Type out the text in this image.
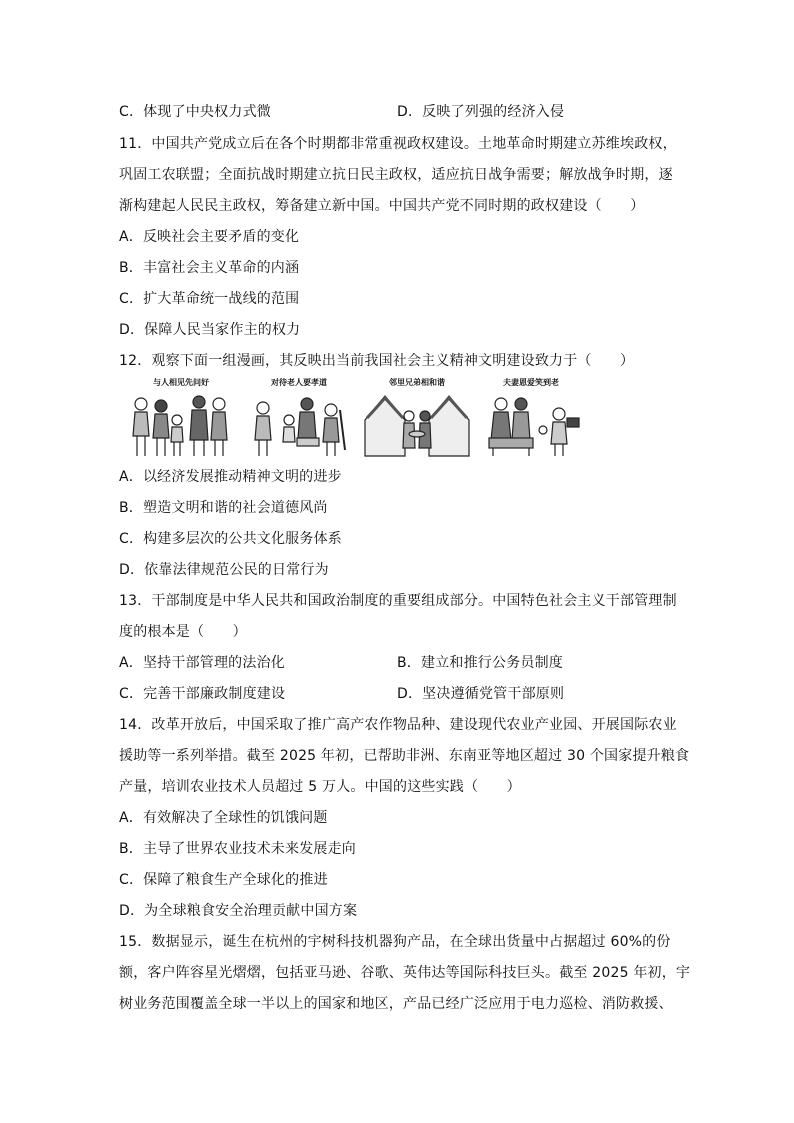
C．体现了中央权力式微	D．反映了列强的经济入侵
11．中国共产党成立后在各个时期都非常重视政权建设。土地革命时期建立苏维埃政权，
巩固工农联盟；全面抗战时期建立抗日民主政权，适应抗日战争需要；解放战争时期，逐
渐构建起人民民主政权，筹备建立新中国。中国共产党不同时期的政权建设（　　）
A．反映社会主要矛盾的变化
B．丰富社会主义革命的内涵
C．扩大革命统一战线的范围
D．保障人民当家作主的权力
12．观察下面一组漫画，其反映出当前我国社会主义精神文明建设致力于（　　）
与人相见先问好	对待老人要孝道	邻里兄弟相和谐	夫妻恩爱笑到老
A．以经济发展推动精神文明的进步
B．塑造文明和谐的社会道德风尚
C．构建多层次的公共文化服务体系
D．依靠法律规范公民的日常行为
13．干部制度是中华人民共和国政治制度的重要组成部分。中国特色社会主义干部管理制
度的根本是（　　）
A．坚持干部管理的法治化	B．建立和推行公务员制度
C．完善干部廉政制度建设	D．坚决遵循党管干部原则
14．改革开放后，中国采取了推广高产农作物品种、建设现代农业产业园、开展国际农业
援助等一系列举措。截至 2025 年初，已帮助非洲、东南亚等地区超过 30 个国家提升粮食
产量，培训农业技术人员超过 5 万人。中国的这些实践（　　）
A．有效解决了全球性的饥饿问题
B．主导了世界农业技术未来发展走向
C．保障了粮食生产全球化的推进
D．为全球粮食安全治理贡献中国方案
15．数据显示，诞生在杭州的宇树科技机器狗产品，在全球出货量中占据超过 60%的份
额，客户阵容星光熠熠，包括亚马逊、谷歌、英伟达等国际科技巨头。截至 2025 年初，宇
树业务范围覆盖全球一半以上的国家和地区，产品已经广泛应用于电力巡检、消防救援、
